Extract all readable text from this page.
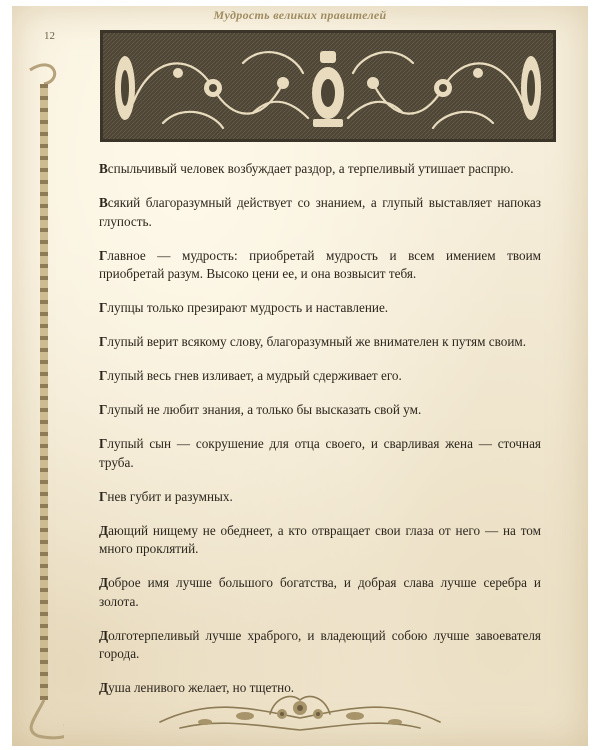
Мудрость великих правителей
12

Вспыльчивый человек возбуждает раздор, а терпеливый утишает распрю.

Всякий благоразумный действует со знанием, а глупый выставляет напоказ глупость.

Главное — мудрость: приобретай мудрость и всем имением твоим приобретай разум. Высоко цени ее, и она возвысит тебя.

Глупцы только презирают мудрость и наставление.

Глупый верит всякому слову, благоразумный же внимателен к путям своим.

Глупый весь гнев изливает, а мудрый сдерживает его.

Глупый не любит знания, а только бы высказать свой ум.

Глупый сын — сокрушение для отца своего, и сварливая жена — сточная труба.

Гнев губит и разумных.

Дающий нищему не обеднеет, а кто отвращает свои глаза от него — на том много проклятий.

Доброе имя лучше большого богатства, и добрая слава лучше серебра и золота.

Долготерпеливый лучше храброго, и владеющий собою лучше завоевателя города.

Душа ленивого желает, но тщетно.
